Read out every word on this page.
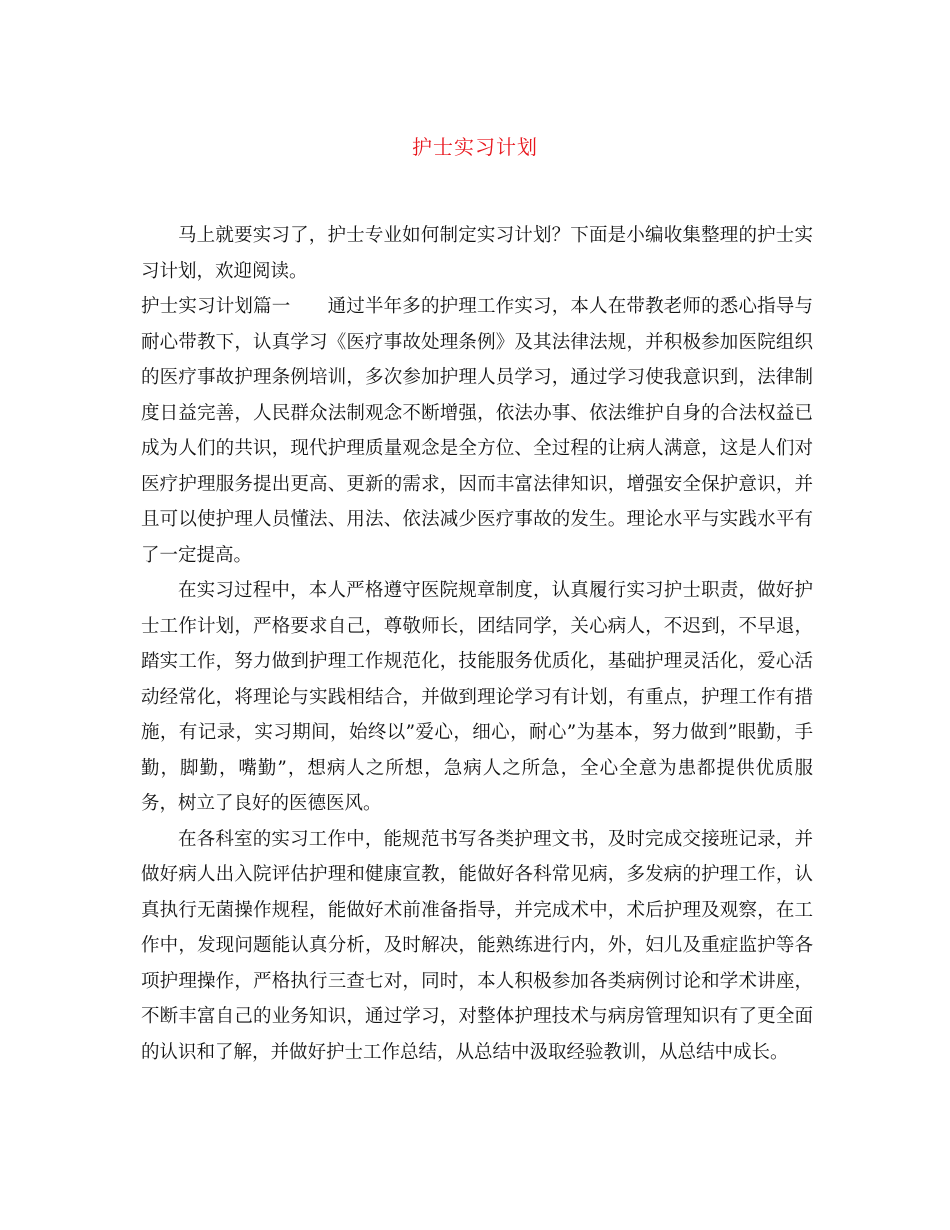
护士实习计划

马上就要实习了，护士专业如何制定实习计划？下面是小编收集整理的护士实习计划，欢迎阅读。

护士实习计划篇一 通过半年多的护理工作实习，本人在带教老师的悉心指导与耐心带教下，认真学习《医疗事故处理条例》及其法律法规，并积极参加医院组织的医疗事故护理条例培训，多次参加护理人员学习，通过学习使我意识到，法律制度日益完善，人民群众法制观念不断增强，依法办事、依法维护自身的合法权益已成为人们的共识，现代护理质量观念是全方位、全过程的让病人满意，这是人们对医疗护理服务提出更高、更新的需求，因而丰富法律知识，增强安全保护意识，并且可以使护理人员懂法、用法、依法减少医疗事故的发生。理论水平与实践水平有了一定提高。

在实习过程中，本人严格遵守医院规章制度，认真履行实习护士职责，做好护士工作计划，严格要求自己，尊敬师长，团结同学，关心病人，不迟到，不早退，踏实工作，努力做到护理工作规范化，技能服务优质化，基础护理灵活化，爱心活动经常化，将理论与实践相结合，并做到理论学习有计划，有重点，护理工作有措施，有记录，实习期间，始终以”爱心，细心，耐心”为基本，努力做到”眼勤，手勤，脚勤，嘴勤”，想病人之所想，急病人之所急，全心全意为患都提供优质服务，树立了良好的医德医风。

在各科室的实习工作中，能规范书写各类护理文书，及时完成交接班记录，并做好病人出入院评估护理和健康宣教，能做好各科常见病，多发病的护理工作，认真执行无菌操作规程，能做好术前准备指导，并完成术中，术后护理及观察，在工作中，发现问题能认真分析，及时解决，能熟练进行内，外，妇儿及重症监护等各项护理操作，严格执行三查七对，同时，本人积极参加各类病例讨论和学术讲座，不断丰富自己的业务知识，通过学习，对整体护理技术与病房管理知识有了更全面的认识和了解，并做好护士工作总结，从总结中汲取经验教训，从总结中成长。
